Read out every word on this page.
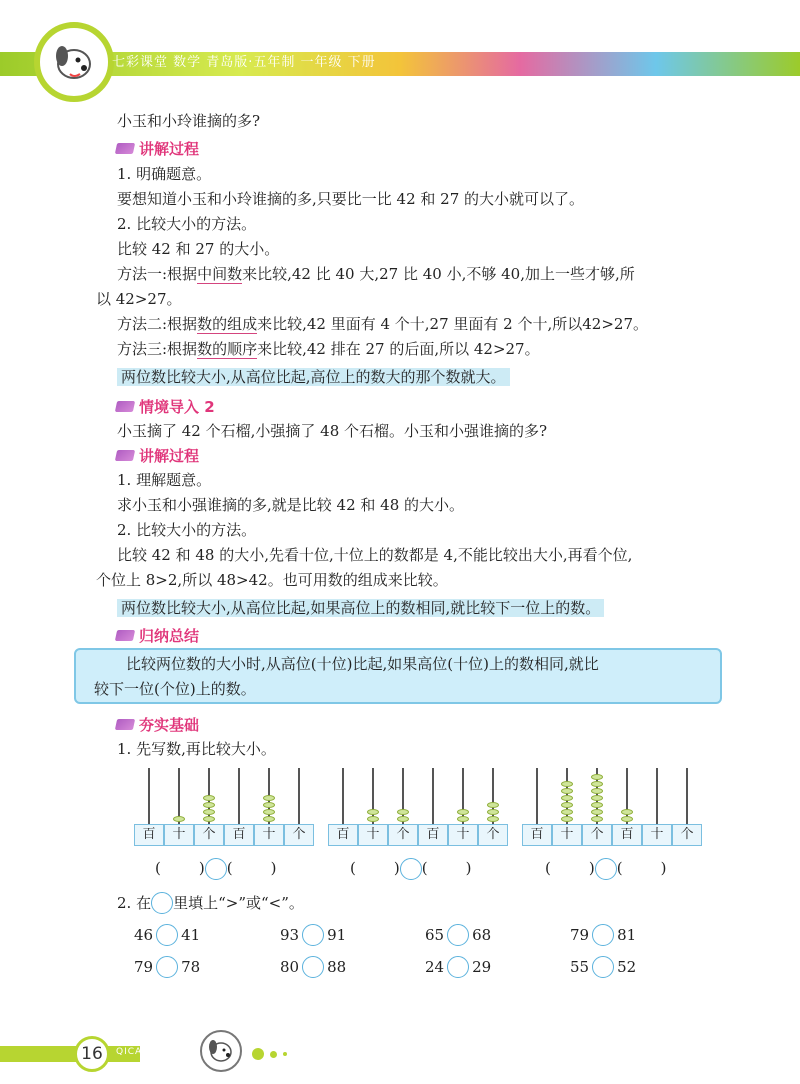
七彩课堂 数学 青岛版·五年制 一年级 下册
小玉和小玲谁摘的多?
讲解过程
1. 明确题意。
要想知道小玉和小玲谁摘的多,只要比一比 42 和 27 的大小就可以了。
2. 比较大小的方法。
比较 42 和 27 的大小。
方法一:根据中间数来比较,42 比 40 大,27 比 40 小,不够 40,加上一些才够,所
以 42>27。
方法二:根据数的组成来比较,42 里面有 4 个十,27 里面有 2 个十,所以42>27。
方法三:根据数的顺序来比较,42 排在 27 的后面,所以 42>27。
两位数比较大小,从高位比起,高位上的数大的那个数就大。
情境导入 2
小玉摘了 42 个石榴,小强摘了 48 个石榴。小玉和小强谁摘的多?
讲解过程
1. 理解题意。
求小玉和小强谁摘的多,就是比较 42 和 48 的大小。
2. 比较大小的方法。
比较 42 和 48 的大小,先看十位,十位上的数都是 4,不能比较出大小,再看个位,
个位上 8>2,所以 48>42。也可用数的组成来比较。
两位数比较大小,从高位比起,如果高位上的数相同,就比较下一位上的数。
归纳总结
比较两位数的大小时,从高位(十位)比起,如果高位(十位)上的数相同,就比
较下一位(个位)上的数。
夯实基础
1. 先写数,再比较大小。
百	十	个	百	十	个
(	) (	)
百	十	个	百	十	个
(	) (	)
百	十	个	百	十	个
(	) (	)
2. 在 里填上“>”或“<”。
46 41	93 91	65 68	79 81
79 78	80 88	24 29	55 52
16	QICAI KETANG
